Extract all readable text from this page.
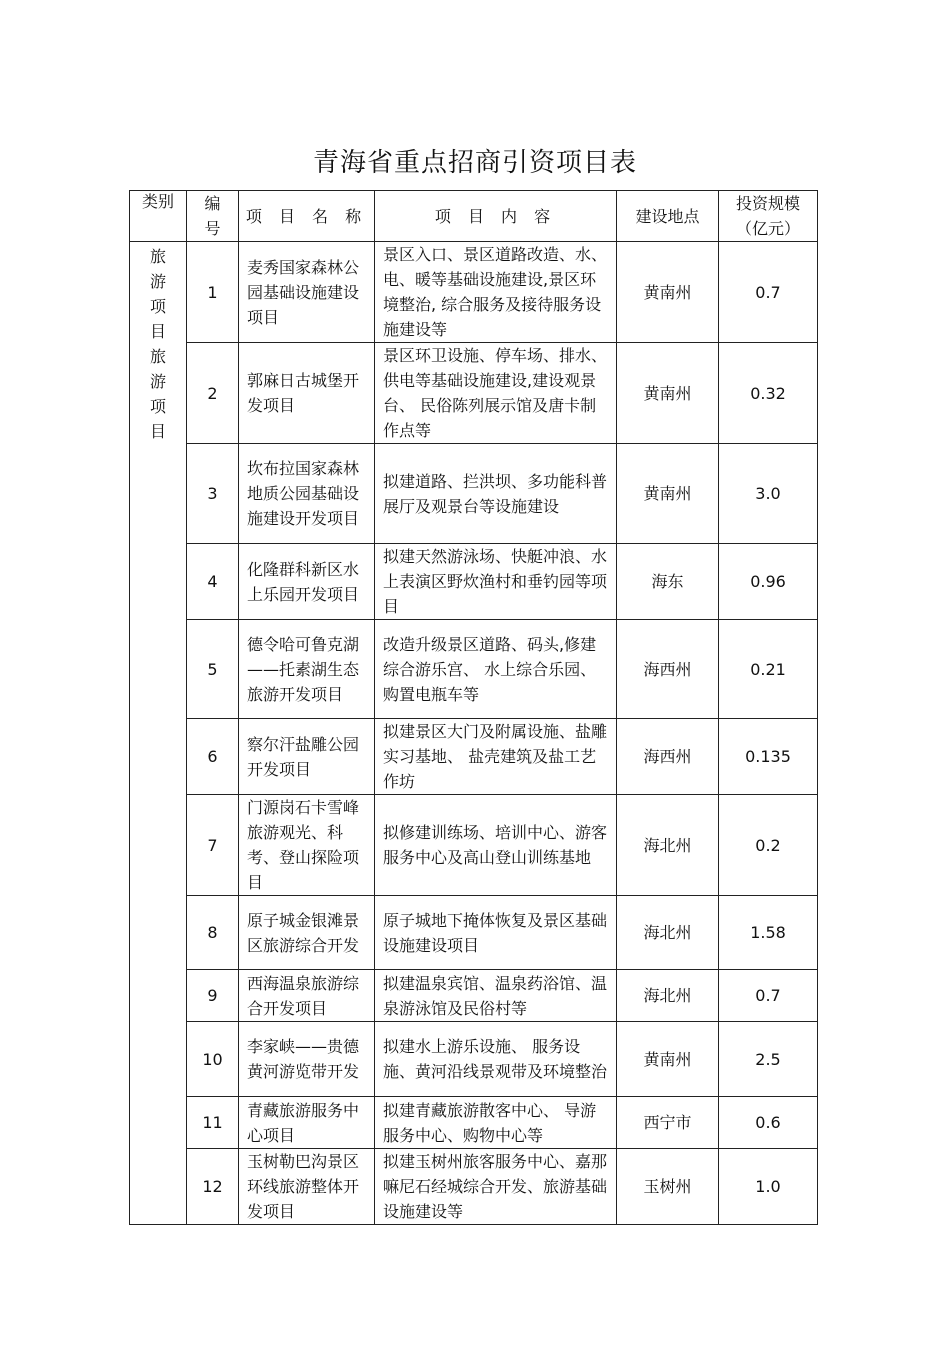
青海省重点招商引资项目表
类别	编号	项 目 名 称	项 目 内 容	建设地点	投资规模（亿元）

旅游项目旅游项目	1	麦秀国家森林公园基础设施建设项目	景区入口、景区道路改造、水、电、暖等基础设施建设,景区环境整治, 综合服务及接待服务设施建设等	黄南州	0.7
	2	郭麻日古城堡开发项目	景区环卫设施、停车场、排水、供电等基础设施建设,建设观景台、 民俗陈列展示馆及唐卡制作点等	黄南州	0.32
	3	坎布拉国家森林地质公园基础设施建设开发项目	拟建道路、拦洪坝、多功能科普展厅及观景台等设施建设	黄南州	3.0
	4	化隆群科新区水上乐园开发项目	拟建天然游泳场、快艇冲浪、水上表演区野炊渔村和垂钓园等项目	海东	0.96
	5	德令哈可鲁克湖——托素湖生态旅游开发项目	改造升级景区道路、码头,修建综合游乐宫、 水上综合乐园、购置电瓶车等	海西州	0.21
	6	察尔汗盐雕公园开发项目	拟建景区大门及附属设施、盐雕实习基地、 盐壳建筑及盐工艺作坊	海西州	0.135
	7	门源岗石卡雪峰旅游观光、科考、登山探险项目	拟修建训练场、培训中心、游客服务中心及高山登山训练基地	海北州	0.2
	8	原子城金银滩景区旅游综合开发	原子城地下掩体恢复及景区基础设施建设项目	海北州	1.58
	9	西海温泉旅游综合开发项目	拟建温泉宾馆、温泉药浴馆、温泉游泳馆及民俗村等	海北州	0.7
	10	李家峡——贵德黄河游览带开发	拟建水上游乐设施、 服务设施、黄河沿线景观带及环境整治	黄南州	2.5
	11	青藏旅游服务中心项目	拟建青藏旅游散客中心、 导游服务中心、购物中心等	西宁市	0.6
	12	玉树勒巴沟景区环线旅游整体开发项目	拟建玉树州旅客服务中心、嘉那嘛尼石经城综合开发、旅游基础设施建设等	玉树州	1.0
